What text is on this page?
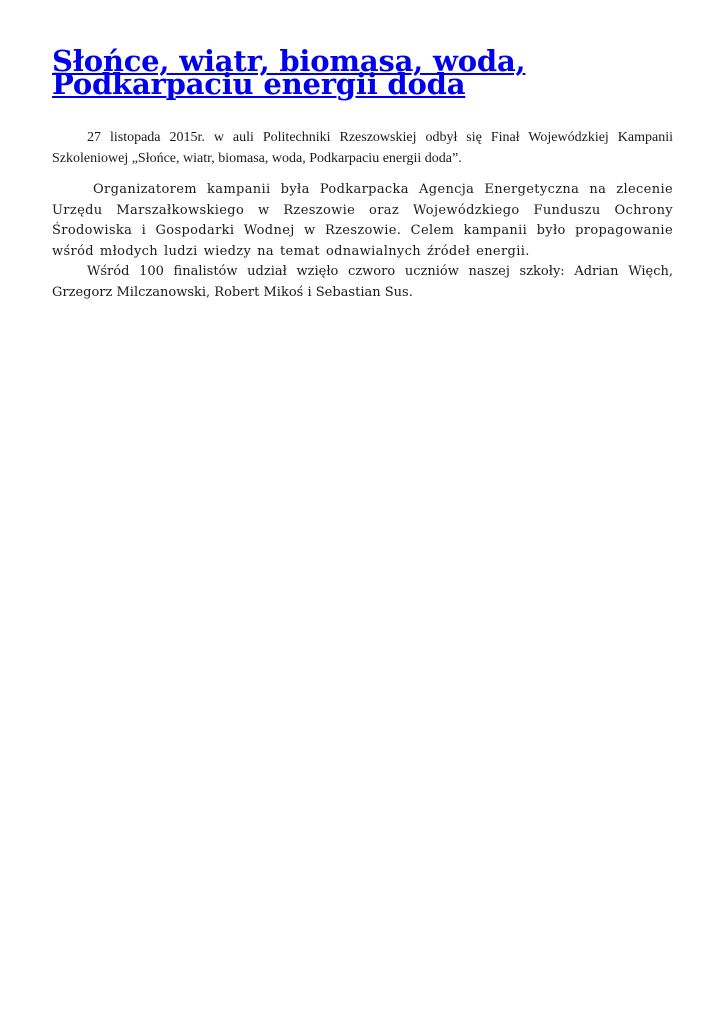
Słońce, wiatr, biomasa, woda, Podkarpaciu energii doda

27 listopada 2015r. w auli Politechniki Rzeszowskiej odbył się Finał Wojewódzkiej Kampanii Szkoleniowej „Słońce, wiatr, biomasa, woda, Podkarpaciu energii doda”.

Organizatorem kampanii była Podkarpacka Agencja Energetyczna na zlecenie Urzędu Marszałkowskiego w Rzeszowie oraz Wojewódzkiego Funduszu Ochrony Środowiska i Gospodarki Wodnej w Rzeszowie. Celem kampanii było propagowanie wśród młodych ludzi wiedzy na temat odnawialnych źródeł energii.

Wśród 100 finalistów udział wzięło czworo uczniów naszej szkoły: Adrian Więch, Grzegorz Milczanowski, Robert Mikoś i Sebastian Sus.
